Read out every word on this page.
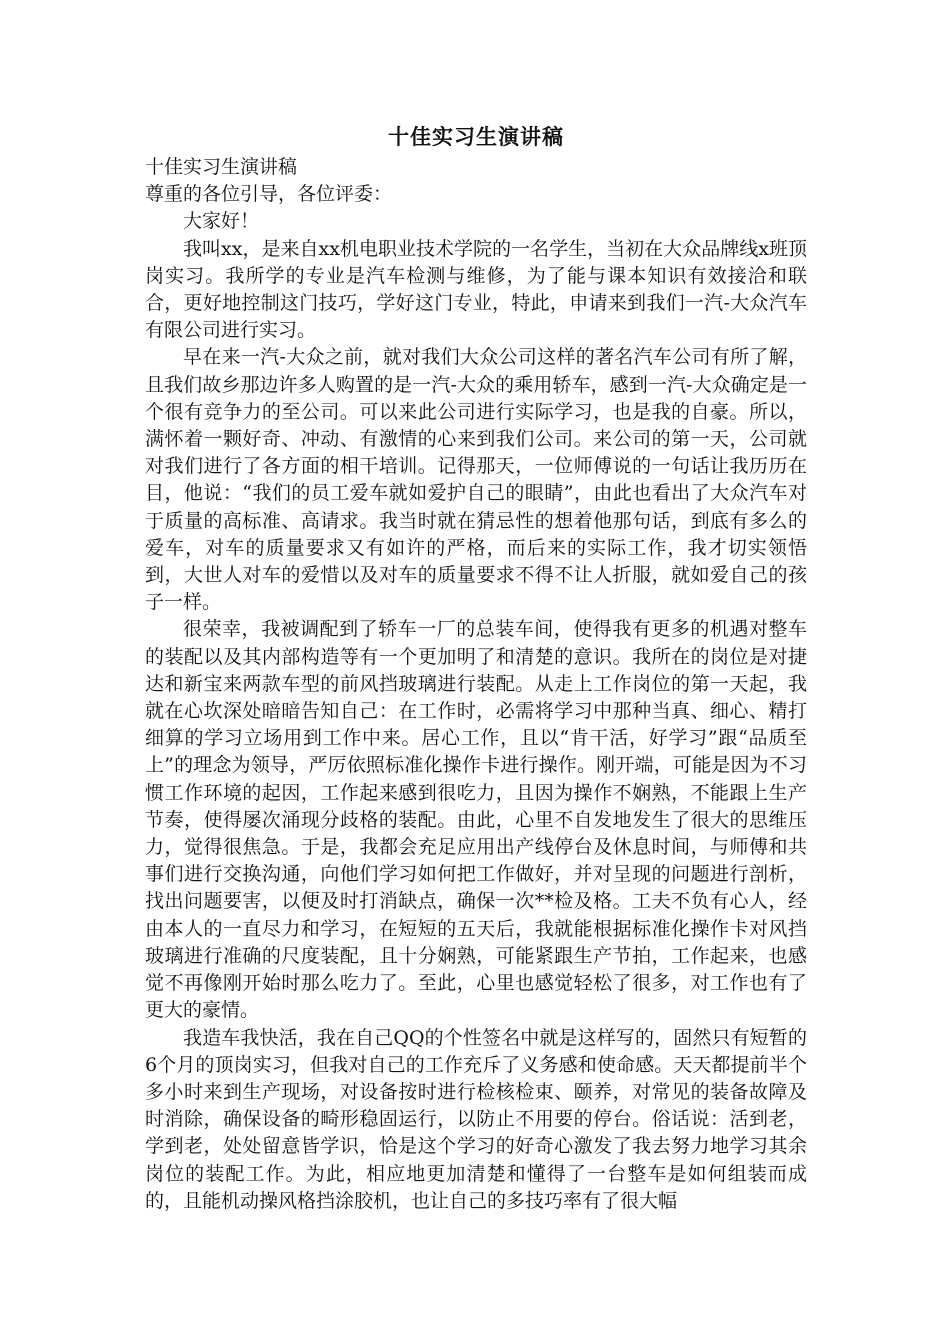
十佳实习生演讲稿

十佳实习生演讲稿

尊重的各位引导，各位评委：

大家好！

我叫xx，是来自xx机电职业技术学院的一名学生，当初在大众品牌线x班顶岗实习。我所学的专业是汽车检测与维修，为了能与课本知识有效接洽和联合，更好地控制这门技巧，学好这门专业，特此，申请来到我们一汽-大众汽车有限公司进行实习。

早在来一汽-大众之前，就对我们大众公司这样的著名汽车公司有所了解，且我们故乡那边许多人购置的是一汽-大众的乘用轿车，感到一汽-大众确定是一个很有竞争力的至公司。可以来此公司进行实际学习，也是我的自豪。所以，满怀着一颗好奇、冲动、有激情的心来到我们公司。来公司的第一天，公司就对我们进行了各方面的相干培训。记得那天，一位师傅说的一句话让我历历在目，他说：“我们的员工爱车就如爱护自己的眼睛”，由此也看出了大众汽车对于质量的高标准、高请求。我当时就在猜忌性的想着他那句话，到底有多么的爱车，对车的质量要求又有如许的严格，而后来的实际工作，我才切实领悟到，大世人对车的爱惜以及对车的质量要求不得不让人折服，就如爱自己的孩子一样。

很荣幸，我被调配到了轿车一厂的总装车间，使得我有更多的机遇对整车的装配以及其内部构造等有一个更加明了和清楚的意识。我所在的岗位是对捷达和新宝来两款车型的前风挡玻璃进行装配。从走上工作岗位的第一天起，我就在心坎深处暗暗告知自己：在工作时，必需将学习中那种当真、细心、精打细算的学习立场用到工作中来。居心工作，且以“肯干活，好学习”跟“品质至上”的理念为领导，严厉依照标准化操作卡进行操作。刚开端，可能是因为不习惯工作环境的起因，工作起来感到很吃力，且因为操作不娴熟，不能跟上生产节奏，使得屡次涌现分歧格的装配。由此，心里不自发地发生了很大的思维压力，觉得很焦急。于是，我都会充足应用出产线停台及休息时间，与师傅和共事们进行交换沟通，向他们学习如何把工作做好，并对呈现的问题进行剖析，找出问题要害，以便及时打消缺点，确保一次**检及格。工夫不负有心人，经由本人的一直尽力和学习，在短短的五天后，我就能根据标准化操作卡对风挡玻璃进行准确的尺度装配，且十分娴熟，可能紧跟生产节拍，工作起来，也感觉不再像刚开始时那么吃力了。至此，心里也感觉轻松了很多，对工作也有了更大的豪情。

我造车我快活，我在自己QQ的个性签名中就是这样写的，固然只有短暂的6个月的顶岗实习，但我对自己的工作充斥了义务感和使命感。天天都提前半个多小时来到生产现场，对设备按时进行检核检束、颐养，对常见的装备故障及时消除，确保设备的畸形稳固运行，以防止不用要的停台。俗话说：活到老，学到老，处处留意皆学识，恰是这个学习的好奇心激发了我去努力地学习其余岗位的装配工作。为此，相应地更加清楚和懂得了一台整车是如何组装而成的，且能机动操风格挡涂胶机，也让自己的多技巧率有了很大幅
